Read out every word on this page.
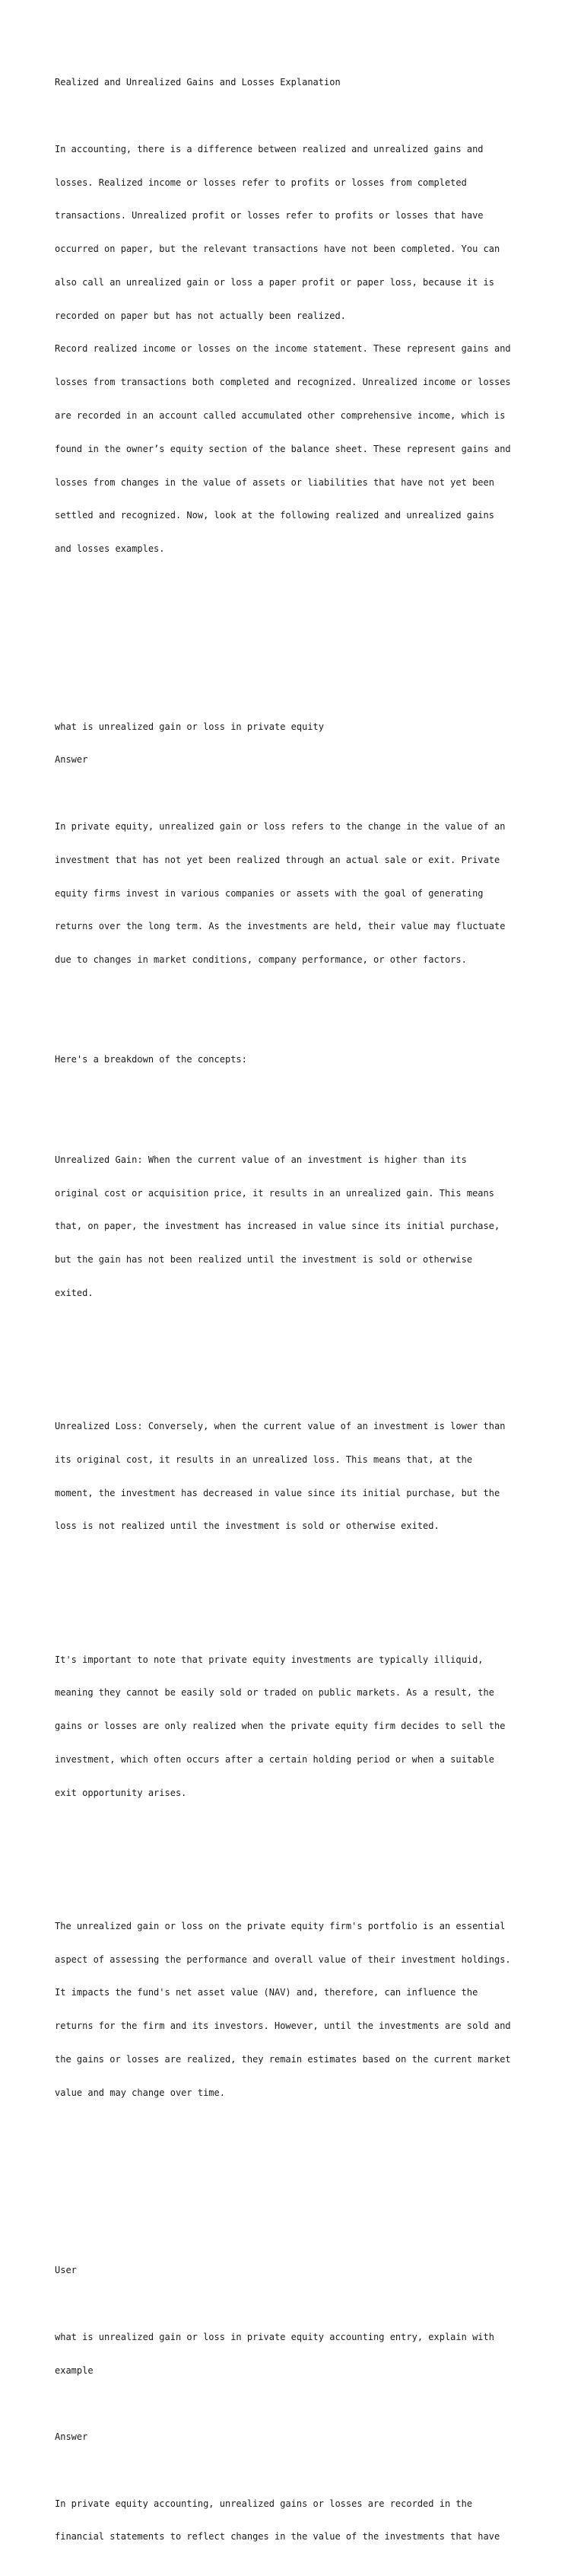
Realized and Unrealized Gains and Losses Explanation

In accounting, there is a difference between realized and unrealized gains and

losses. Realized income or losses refer to profits or losses from completed

transactions. Unrealized profit or losses refer to profits or losses that have

occurred on paper, but the relevant transactions have not been completed. You can

also call an unrealized gain or loss a paper profit or paper loss, because it is

recorded on paper but has not actually been realized.

Record realized income or losses on the income statement. These represent gains and

losses from transactions both completed and recognized. Unrealized income or losses

are recorded in an account called accumulated other comprehensive income, which is

found in the owner’s equity section of the balance sheet. These represent gains and

losses from changes in the value of assets or liabilities that have not yet been

settled and recognized. Now, look at the following realized and unrealized gains

and losses examples.

what is unrealized gain or loss in private equity

Answer

In private equity, unrealized gain or loss refers to the change in the value of an

investment that has not yet been realized through an actual sale or exit. Private

equity firms invest in various companies or assets with the goal of generating

returns over the long term. As the investments are held, their value may fluctuate

due to changes in market conditions, company performance, or other factors.

Here's a breakdown of the concepts:

Unrealized Gain: When the current value of an investment is higher than its

original cost or acquisition price, it results in an unrealized gain. This means

that, on paper, the investment has increased in value since its initial purchase,

but the gain has not been realized until the investment is sold or otherwise

exited.

Unrealized Loss: Conversely, when the current value of an investment is lower than

its original cost, it results in an unrealized loss. This means that, at the

moment, the investment has decreased in value since its initial purchase, but the

loss is not realized until the investment is sold or otherwise exited.

It's important to note that private equity investments are typically illiquid,

meaning they cannot be easily sold or traded on public markets. As a result, the

gains or losses are only realized when the private equity firm decides to sell the

investment, which often occurs after a certain holding period or when a suitable

exit opportunity arises.

The unrealized gain or loss on the private equity firm's portfolio is an essential

aspect of assessing the performance and overall value of their investment holdings.

It impacts the fund's net asset value (NAV) and, therefore, can influence the

returns for the firm and its investors. However, until the investments are sold and

the gains or losses are realized, they remain estimates based on the current market

value and may change over time.

User

what is unrealized gain or loss in private equity accounting entry, explain with

example

Answer

In private equity accounting, unrealized gains or losses are recorded in the

financial statements to reflect changes in the value of the investments that have
